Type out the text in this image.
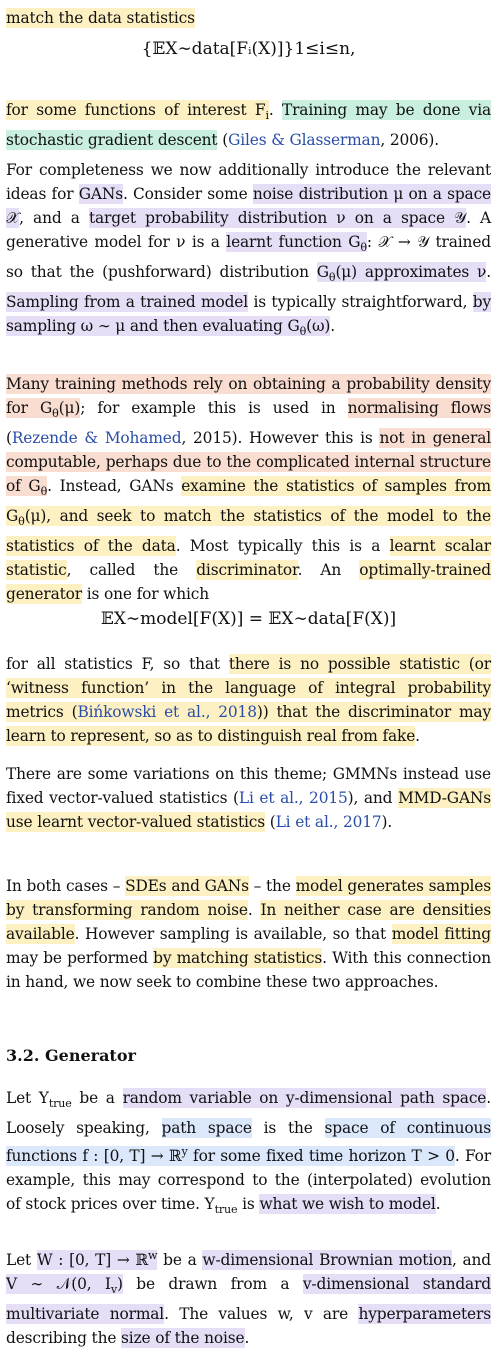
match the data statistics
{𝔼X∼data[Fᵢ(X)]}1≤i≤n,
for some functions of interest $F_i$. Training may be done via stochastic gradient descent (Giles & Glasserman, 2006).
For completeness we now additionally introduce the relevant ideas for GANs. Consider some noise distribution μ on a space 𝒳, and a target probability distribution ν on a space 𝒴. A generative model for ν is a learnt function $G_\theta$: 𝒳 → 𝒴 trained so that the (pushforward) distribution $G_\theta(\mu)$ approximates ν. Sampling from a trained model is typically straightforward, by sampling ω ∼ μ and then evaluating $G_\theta(\omega)$.
Many training methods rely on obtaining a probability density for $G_\theta(\mu)$; for example this is used in normalising flows (Rezende & Mohamed, 2015). However this is not in general computable, perhaps due to the complicated internal structure of $G_\theta$. Instead, GANs examine the statistics of samples from $G_\theta(\mu)$, and seek to match the statistics of the model to the statistics of the data. Most typically this is a learnt scalar statistic, called the discriminator. An optimally-trained generator is one for which
𝔼X∼model[F(X)] = 𝔼X∼data[F(X)]
for all statistics F, so that there is no possible statistic (or ‘witness function’ in the language of integral probability metrics (Bińkowski et al., 2018)) that the discriminator may learn to represent, so as to distinguish real from fake.
There are some variations on this theme; GMMNs instead use fixed vector-valued statistics (Li et al., 2015), and MMD-GANs use learnt vector-valued statistics (Li et al., 2017).
In both cases – SDEs and GANs – the model generates samples by transforming random noise. In neither case are densities available. However sampling is available, so that model fitting may be performed by matching statistics. With this connection in hand, we now seek to combine these two approaches.
3.2. Generator
Let $Y_{true}$ be a random variable on y-dimensional path space. Loosely speaking, path space is the space of continuous functions f : [0, T] → ℝ$^y$ for some fixed time horizon T > 0. For example, this may correspond to the (interpolated) evolution of stock prices over time. $Y_{true}$ is what we wish to model.
Let W : [0, T] → ℝ$^w$ be a w-dimensional Brownian motion, and V ∼ 𝒩(0, $I_v$) be drawn from a v-dimensional standard multivariate normal. The values w, v are hyperparameters describing the size of the noise.
